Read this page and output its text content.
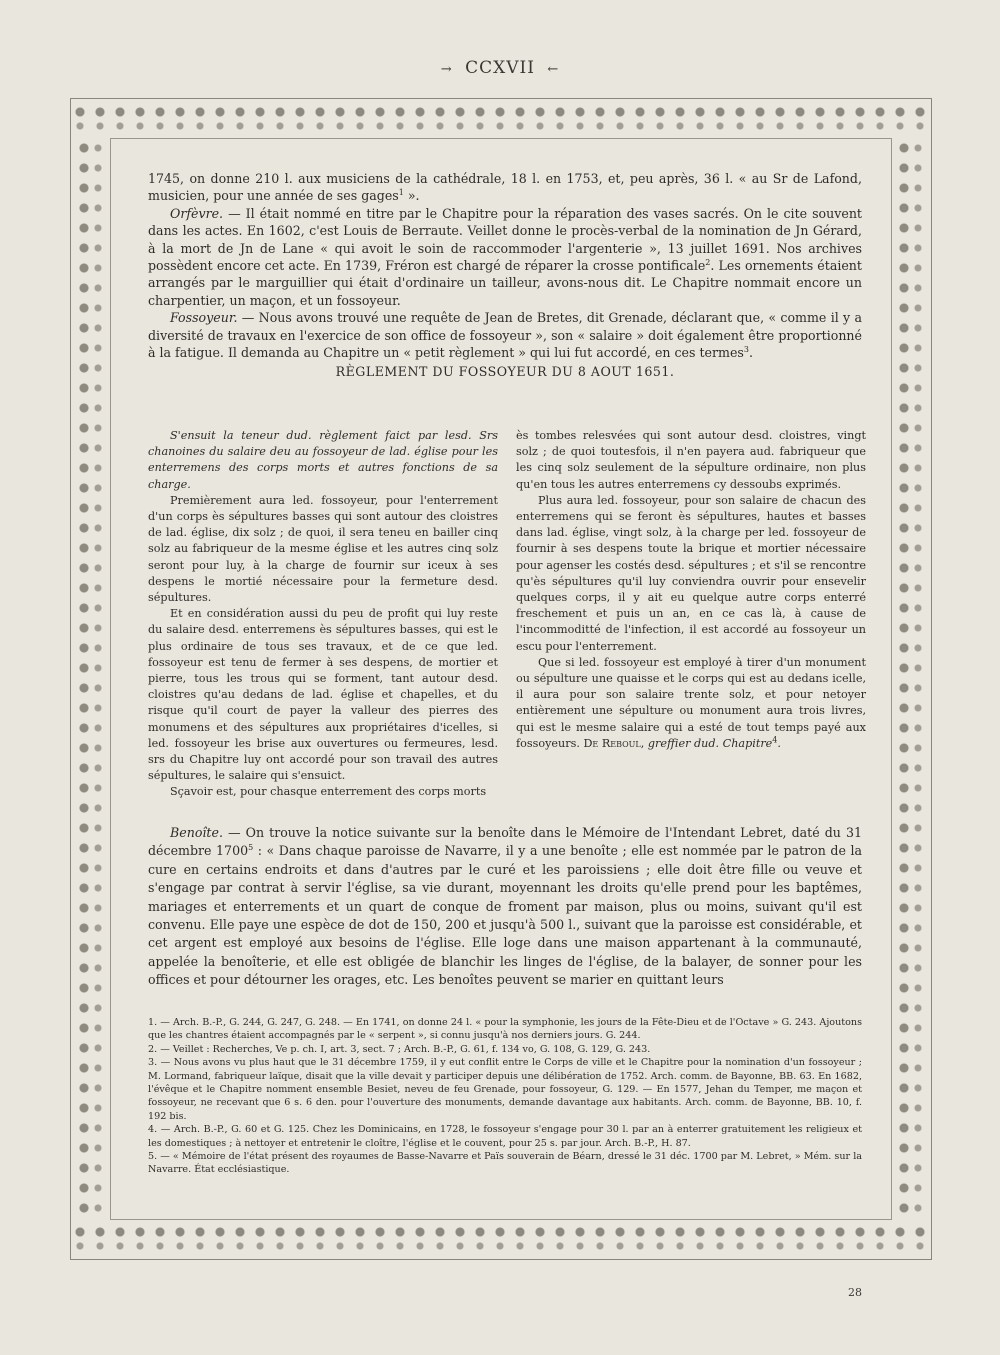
→ CCXVII ←

1745, on donne 210 l. aux musiciens de la cathédrale, 18 l. en 1753, et, peu après, 36 l. « au Sr de Lafond, musicien, pour une année de ses gages$^1$ ».

Orfèvre. — Il était nommé en titre par le Chapitre pour la réparation des vases sacrés. On le cite souvent dans les actes. En 1602, c'est Louis de Berraute. Veillet donne le procès-verbal de la nomination de Jn Gérard, à la mort de Jn de Lane « qui avoit le soin de raccommoder l'argenterie », 13 juillet 1691. Nos archives possèdent encore cet acte. En 1739, Fréron est chargé de réparer la crosse pontificale$^2$. Les ornements étaient arrangés par le marguillier qui était d'ordinaire un tailleur, avons-nous dit. Le Chapitre nommait encore un charpentier, un maçon, et un fossoyeur.

Fossoyeur. — Nous avons trouvé une requête de Jean de Bretes, dit Grenade, déclarant que, « comme il y a diversité de travaux en l'exercice de son office de fossoyeur », son « salaire » doit également être proportionné à la fatigue. Il demanda au Chapitre un « petit règlement » qui lui fut accordé, en ces termes$^3$.

RÈGLEMENT DU FOSSOYEUR DU 8 AOUT 1651.

S'ensuit la teneur dud. règlement faict par lesd. Srs chanoines du salaire deu au fossoyeur de lad. église pour les enterremens des corps morts et autres fonctions de sa charge.

Premièrement aura led. fossoyeur, pour l'enterrement d'un corps ès sépultures basses qui sont autour des cloistres de lad. église, dix solz ; de quoi, il sera teneu en bailler cinq solz au fabriqueur de la mesme église et les autres cinq solz seront pour luy, à la charge de fournir sur iceux à ses despens le mortié nécessaire pour la fermeture desd. sépultures.

Et en considération aussi du peu de profit qui luy reste du salaire desd. enterremens ès sépultures basses, qui est le plus ordinaire de tous ses travaux, et de ce que led. fossoyeur est tenu de fermer à ses despens, de mortier et pierre, tous les trous qui se forment, tant autour desd. cloistres qu'au dedans de lad. église et chapelles, et du risque qu'il court de payer la valleur des pierres des monumens et des sépultures aux propriétaires d'icelles, si led. fossoyeur les brise aux ouvertures ou fermeures, lesd. srs du Chapitre luy ont accordé pour son travail des autres sépultures, le salaire qui s'ensuict.

Sçavoir est, pour chasque enterrement des corps morts

ès tombes relesvées qui sont autour desd. cloistres, vingt solz ; de quoi toutesfois, il n'en payera aud. fabriqueur que les cinq solz seulement de la sépulture ordinaire, non plus qu'en tous les autres enterremens cy dessoubs exprimés.

Plus aura led. fossoyeur, pour son salaire de chacun des enterremens qui se feront ès sépultures, hautes et basses dans lad. église, vingt solz, à la charge per led. fossoyeur de fournir à ses despens toute la brique et mortier nécessaire pour agenser les costés desd. sépultures ; et s'il se rencontre qu'ès sépultures qu'il luy conviendra ouvrir pour ensevelir quelques corps, il y ait eu quelque autre corps enterré freschement et puis un an, en ce cas là, à cause de l'incommoditté de l'infection, il est accordé au fossoyeur un escu pour l'enterrement.

Que si led. fossoyeur est employé à tirer d'un monument ou sépulture une quaisse et le corps qui est au dedans icelle, il aura pour son salaire trente solz, et pour netoyer entièrement une sépulture ou monument aura trois livres, qui est le mesme salaire qui a esté de tout temps payé aux fossoyeurs. De Reboul, greffier dud. Chapitre$^4$.

Benoîte. — On trouve la notice suivante sur la benoîte dans le Mémoire de l'Intendant Lebret, daté du 31 décembre 1700$^5$ : « Dans chaque paroisse de Navarre, il y a une benoîte ; elle est nommée par le patron de la cure en certains endroits et dans d'autres par le curé et les paroissiens ; elle doit être fille ou veuve et s'engage par contrat à servir l'église, sa vie durant, moyennant les droits qu'elle prend pour les baptêmes, mariages et enterrements et un quart de conque de froment par maison, plus ou moins, suivant qu'il est convenu. Elle paye une espèce de dot de 150, 200 et jusqu'à 500 l., suivant que la paroisse est considérable, et cet argent est employé aux besoins de l'église. Elle loge dans une maison appartenant à la communauté, appelée la benoîterie, et elle est obligée de blanchir les linges de l'église, de la balayer, de sonner pour les offices et pour détourner les orages, etc. Les benoîtes peuvent se marier en quittant leurs

1. — Arch. B.-P., G. 244, G. 247, G. 248. — En 1741, on donne 24 l. « pour la symphonie, les jours de la Fête-Dieu et de l'Octave » G. 243. Ajoutons que les chantres étaient accompagnés par le « serpent », si connu jusqu'à nos derniers jours. G. 244.

2. — Veillet : Recherches, Ve p. ch. I, art. 3, sect. 7 ; Arch. B.-P., G. 61, f. 134 vo, G. 108, G. 129, G. 243.

3. — Nous avons vu plus haut que le 31 décembre 1759, il y eut conflit entre le Corps de ville et le Chapitre pour la nomination d'un fossoyeur ; M. Lormand, fabriqueur laïque, disait que la ville devait y participer depuis une délibération de 1752. Arch. comm. de Bayonne, BB. 63. En 1682, l'évêque et le Chapitre nomment ensemble Besiet, neveu de feu Grenade, pour fossoyeur, G. 129. — En 1577, Jehan du Temper, me maçon et fossoyeur, ne recevant que 6 s. 6 den. pour l'ouverture des monuments, demande davantage aux habitants. Arch. comm. de Bayonne, BB. 10, f. 192 bis.

4. — Arch. B.-P., G. 60 et G. 125. Chez les Dominicains, en 1728, le fossoyeur s'engage pour 30 l. par an à enterrer gratuitement les religieux et les domestiques ; à nettoyer et entretenir le cloître, l'église et le couvent, pour 25 s. par jour. Arch. B.-P., H. 87.

5. — « Mémoire de l'état présent des royaumes de Basse-Navarre et Païs souverain de Béarn, dressé le 31 déc. 1700 par M. Lebret, » Mém. sur la Navarre. État ecclésiastique.

28
